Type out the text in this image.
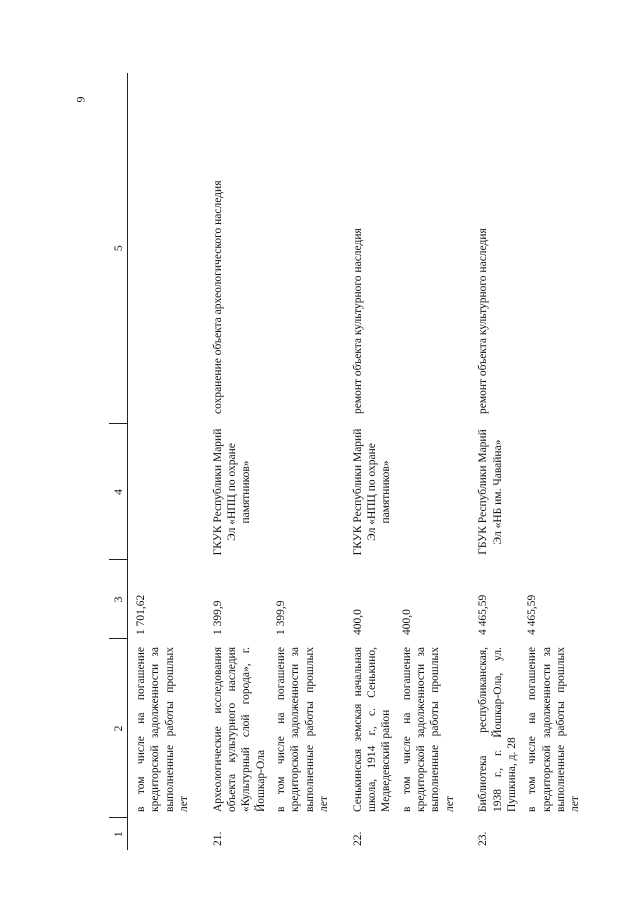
9
1	2	3	4	5
	в том числе на погашение кредиторской задолженности за выполненные работы прошлых лет	1 701,62		

21.	Археологические исследования объекта культурного наследия «Культурный слой города», г. Йошкар-Ола	1 399,9	ГКУК Республики Марий Эл «НПЦ по охране памятников»	сохранение объекта археологического наследия
	в том числе на погашение кредиторской задолженности за выполненные работы прошлых лет	1 399,9		

22.	Сенькинская земская начальная школа, 1914 г., с. Сенькино, Медведевский район	400,0	ГКУК Республики Марий Эл «НПЦ по охране памятников»	ремонт объекта культурного наследия
	в том числе на погашение кредиторской задолженности за выполненные работы прошлых лет	400,0		

23.	Библиотека республиканская, 1938 г., г. Йошкар-Ола, ул. Пушкина, д. 28	4 465,59	ГБУК Республики Марий Эл «НБ им. Чавайна»	ремонт объекта культурного наследия
	в том числе на погашение кредиторской задолженности за выполненные работы прошлых лет	4 465,59		
